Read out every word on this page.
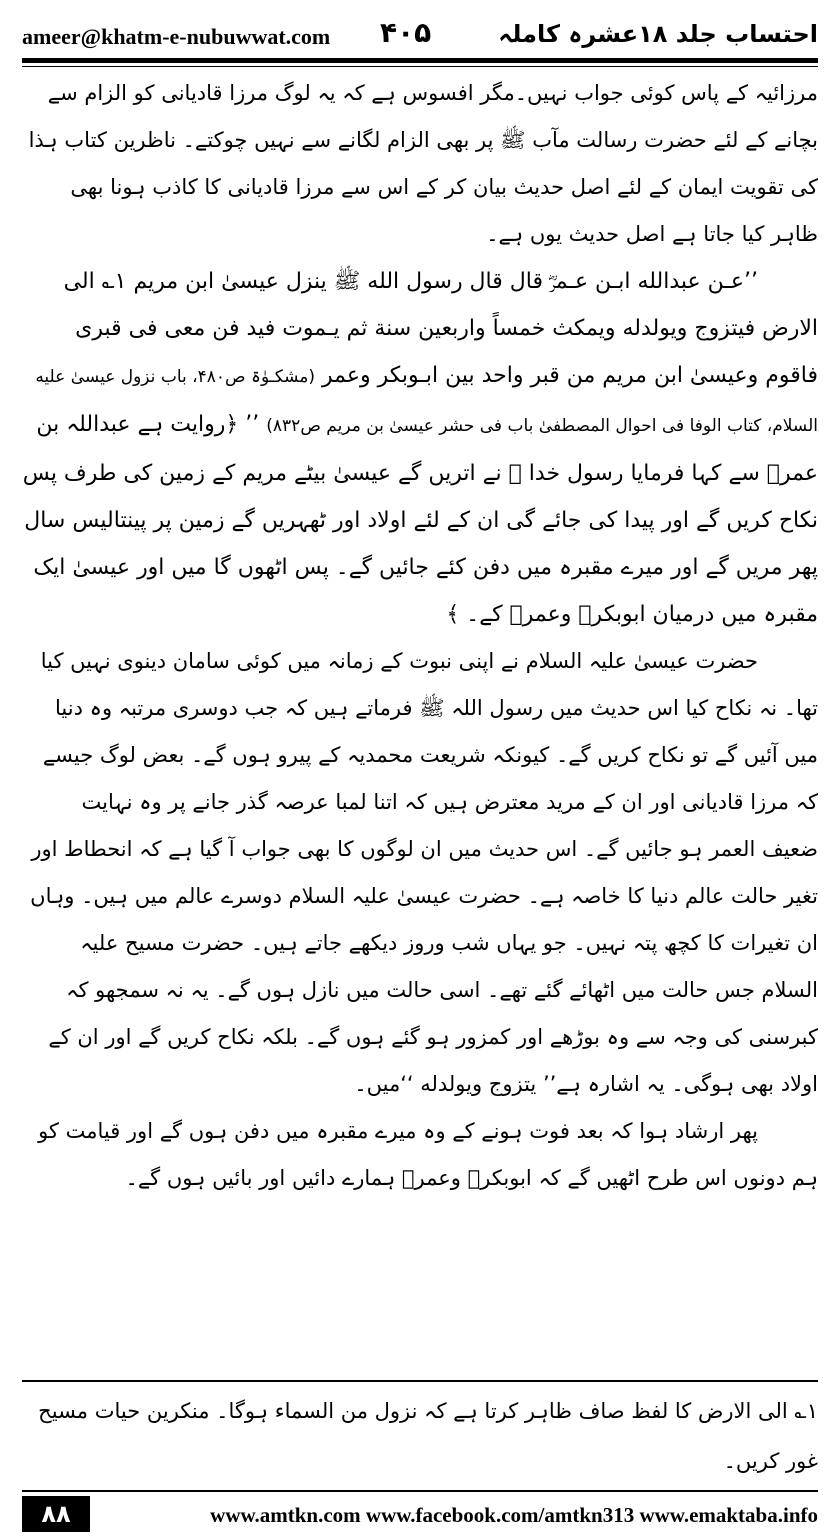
ameer@khatm-e-nubuwwat.com ۴۰۵	احتساب جلد ۱۸عشرہ کاملہ

مرزائیہ کے پاس کوئی جواب نہیں۔مگر افسوس ہے کہ یہ لوگ مرزا قادیانی کو الزام سے بچانے کے لئے حضرت رسالت مآب ﷺ پر بھی الزام لگانے سے نہیں چوکتے۔ ناظرین کتاب ہذا کی تقویت ایمان کے لئے اصل حدیث بیان کر کے اس سے مرزا قادیانی کا کاذب ہونا بھی ظاہر کیا جاتا ہے اصل حدیث یوں ہے۔

’’عـن عبدالله ابـن عـمرؓ قال قال رسول الله ﷺ ینزل عیسیٰ ابن مریم ۱؎ الی الارض فیتزوج ویولدله ویمکث خمساً واربعین سنة ثم یـموت فید فن معی فی قبری فاقوم وعیسیٰ ابن مریم من قبر واحد بین ابـوبکر وعمر (مشکـوٰۃ ص۴۸۰، باب نزول عیسیٰ علیه السلام، کتاب الوفا فی احوال المصطفیٰ باب فی حشر عیسیٰ بن مریم ص۸۳۲) ’’ ﴿روایت ہے عبداللہ بن عمرؓ سے کہا فرمایا رسول خدا ﷺ نے اتریں گے عیسیٰ بیٹے مریم کے زمین کی طرف پس نکاح کریں گے اور پیدا کی جائے گی ان کے لئے اولاد اور ٹھہریں گے زمین پر پینتالیس سال پھر مریں گے اور میرے مقبرہ میں دفن کئے جائیں گے۔ پس اٹھوں گا میں اور عیسیٰ ایک مقبرہ میں درمیان ابوبکرؓ وعمرؓ کے۔ ﴾

حضرت عیسیٰ علیہ السلام نے اپنی نبوت کے زمانہ میں کوئی سامان دینوی نہیں کیا تھا۔ نہ نکاح کیا اس حدیث میں رسول اللہ ﷺ فرماتے ہیں کہ جب دوسری مرتبہ وہ دنیا میں آئیں گے تو نکاح کریں گے۔ کیونکہ شریعت محمدیہ کے پیرو ہوں گے۔ بعض لوگ جیسے کہ مرزا قادیانی اور ان کے مرید معترض ہیں کہ اتنا لمبا عرصہ گذر جانے پر وہ نہایت ضعیف العمر ہو جائیں گے۔ اس حدیث میں ان لوگوں کا بھی جواب آ گیا ہے کہ انحطاط اور تغیر حالت عالم دنیا کا خاصہ ہے۔ حضرت عیسیٰ علیہ السلام دوسرے عالم میں ہیں۔ وہاں ان تغیرات کا کچھ پتہ نہیں۔ جو یہاں شب وروز دیکھے جاتے ہیں۔ حضرت مسیح علیہ السلام جس حالت میں اٹھائے گئے تھے۔ اسی حالت میں نازل ہوں گے۔ یہ نہ سمجھو کہ کبرسنی کی وجہ سے وہ بوڑھے اور کمزور ہو گئے ہوں گے۔ بلکہ نکاح کریں گے اور ان کے اولاد بھی ہوگی۔ یہ اشارہ ہے’’ یتزوج ویولدله ‘‘میں۔

پھر ارشاد ہوا کہ بعد فوت ہونے کے وہ میرے مقبرہ میں دفن ہوں گے اور قیامت کو ہم دونوں اس طرح اٹھیں گے کہ ابوبکرؓ وعمرؓ ہمارے دائیں اور بائیں ہوں گے۔

۱؎ الی الارض کا لفظ صاف ظاہر کرتا ہے کہ نزول من السماء ہوگا۔ منکرین حیات مسیح غور کریں۔

۸۸	www.amtkn.com www.facebook.com/amtkn313 www.emaktaba.info
